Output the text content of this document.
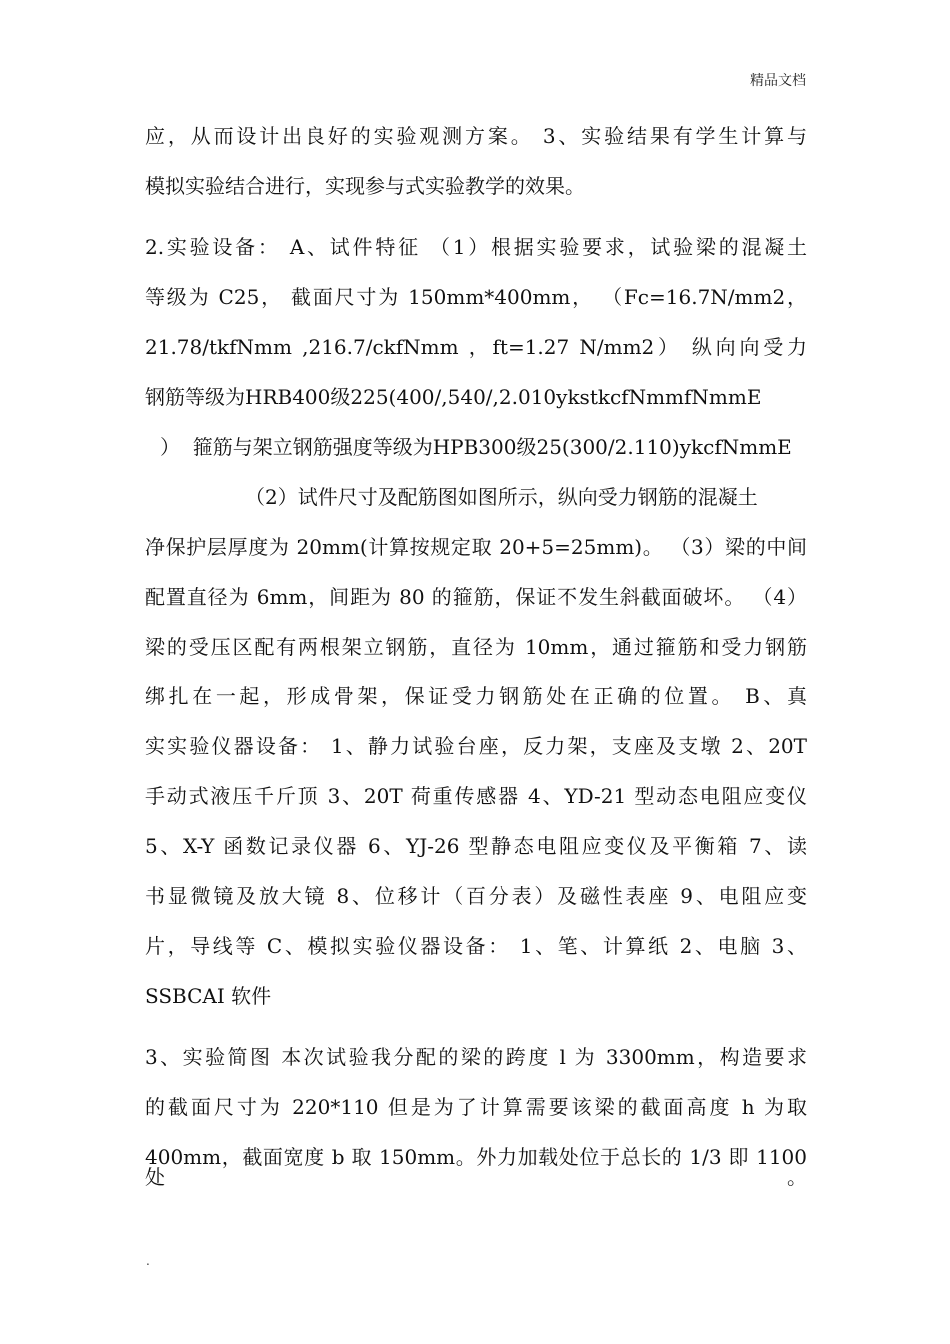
精品文档
应，从而设计出良好的实验观测方案。 3、实验结果有学生计算与
模拟实验结合进行，实现参与式实验教学的效果。
2.实验设备： A、试件特征 （1）根据实验要求，试验梁的混凝土
等级为 C25， 截面尺寸为 150mm*400mm， （Fc=16.7N/mm2，
21.78/tkfNmm ,216.7/ckfNmm ，ft=1.27 N/mm2） 纵向向受力
钢筋等级为HRB400级225(400/,540/,2.010ykstkcfNmmfNmmE
）  箍筋与架立钢筋强度等级为HPB300级25(300/2.110)ykcfNmmE
（2）试件尺寸及配筋图如图所示，纵向受力钢筋的混凝土
净保护层厚度为 20mm(计算按规定取 20+5=25mm)。 （3）梁的中间
配置直径为 6mm，间距为 80 的箍筋，保证不发生斜截面破坏。 （4）
梁的受压区配有两根架立钢筋，直径为 10mm，通过箍筋和受力钢筋
绑扎在一起，形成骨架，保证受力钢筋处在正确的位置。 B、真
实实验仪器设备： 1、静力试验台座，反力架，支座及支墩 2、20T
手动式液压千斤顶 3、20T 荷重传感器 4、YD-21 型动态电阻应变仪
5、X-Y 函数记录仪器 6、YJ-26 型静态电阻应变仪及平衡箱 7、读
书显微镜及放大镜 8、位移计（百分表）及磁性表座 9、电阻应变
片，导线等 C、模拟实验仪器设备： 1、笔、计算纸 2、电脑 3、
SSBCAI 软件
3、实验简图 本次试验我分配的梁的跨度 l 为 3300mm，构造要求
的截面尺寸为 220*110 但是为了计算需要该梁的截面高度 h 为取
400mm，截面宽度 b 取 150mm。外力加载处位于总长的 1/3 即 1100 处。
.
